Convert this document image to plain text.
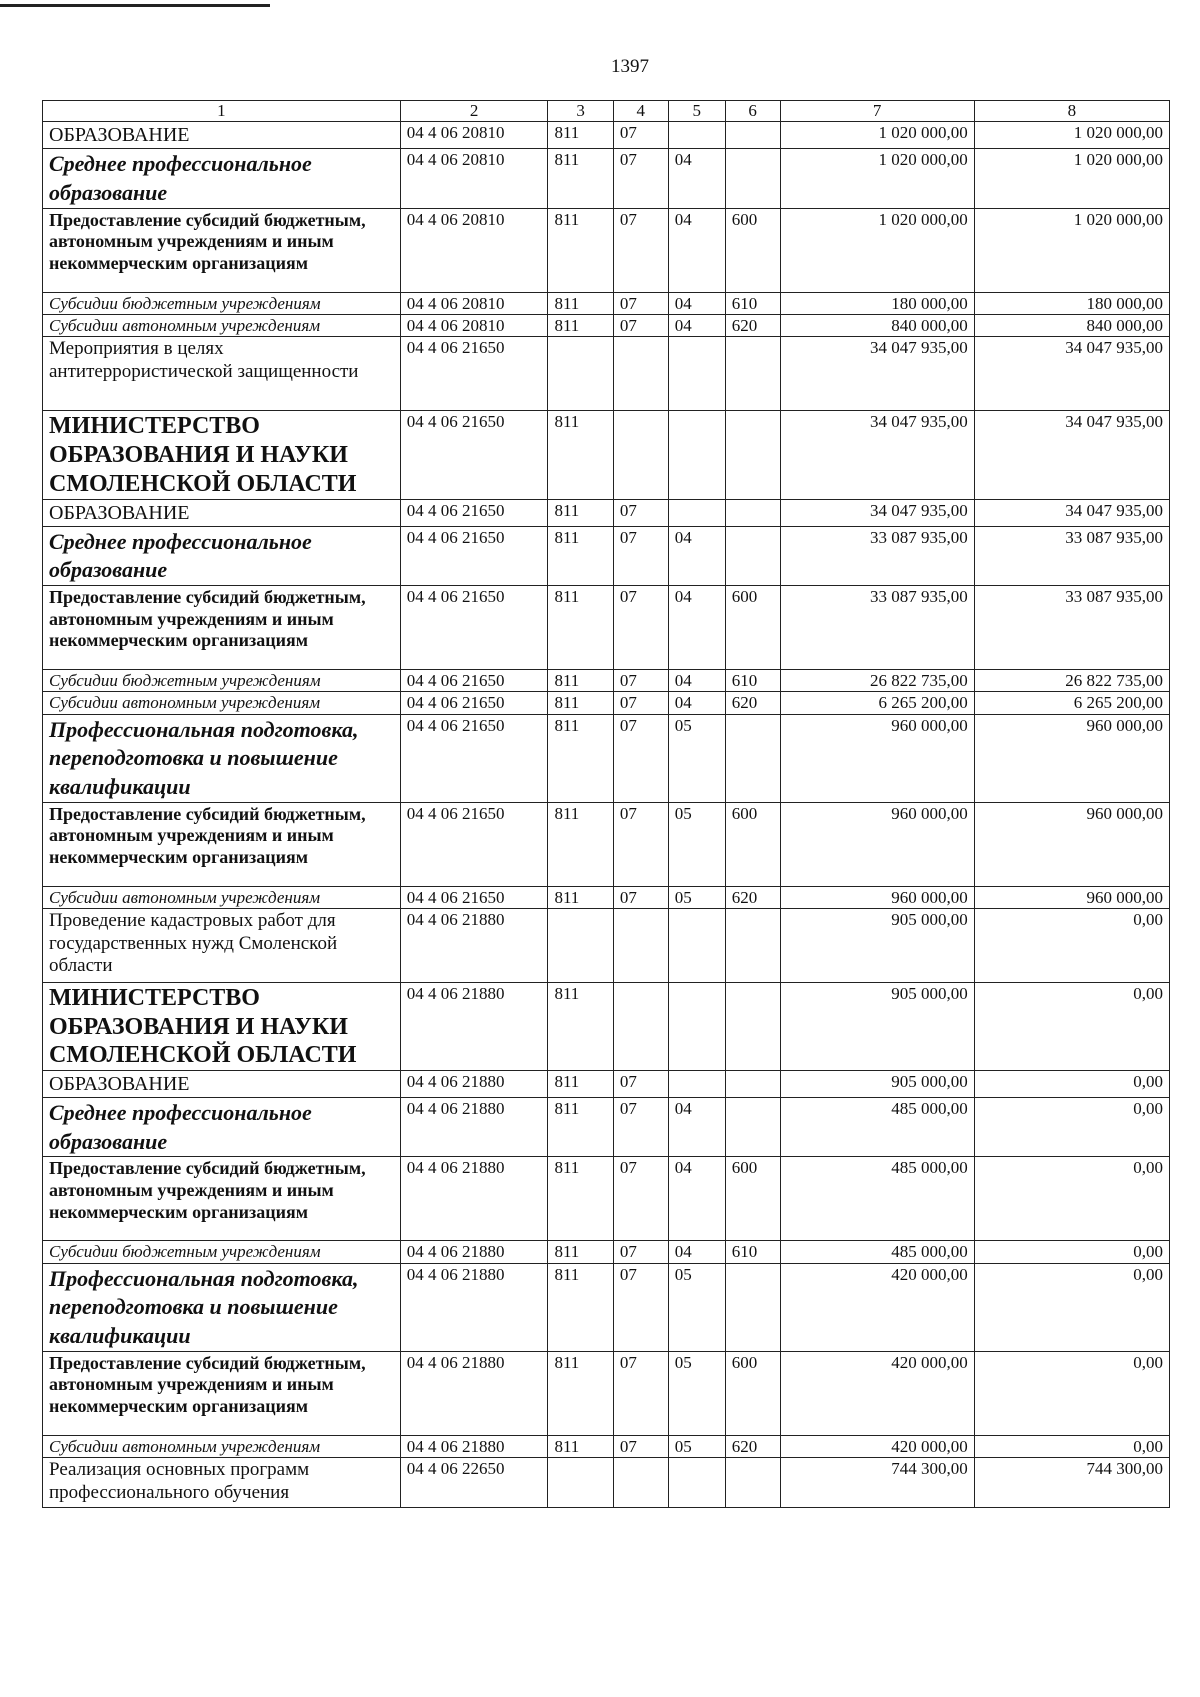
1397
1	2	3	4	5	6	7	8
ОБРАЗОВАНИЕ	04 4 06 20810	811	07			1 020 000,00	1 020 000,00
Среднее профессиональное образование	04 4 06 20810	811	07	04		1 020 000,00	1 020 000,00
Предоставление субсидий бюджетным, автономным учреждениям и иным некоммерческим организациям	04 4 06 20810	811	07	04	600	1 020 000,00	1 020 000,00
Субсидии бюджетным учреждениям	04 4 06 20810	811	07	04	610	180 000,00	180 000,00
Субсидии автономным учреждениям	04 4 06 20810	811	07	04	620	840 000,00	840 000,00
Мероприятия в целях антитеррористической защищенности	04 4 06 21650					34 047 935,00	34 047 935,00
МИНИСТЕРСТВО ОБРАЗОВАНИЯ И НАУКИ СМОЛЕНСКОЙ ОБЛАСТИ	04 4 06 21650	811				34 047 935,00	34 047 935,00
ОБРАЗОВАНИЕ	04 4 06 21650	811	07			34 047 935,00	34 047 935,00
Среднее профессиональное образование	04 4 06 21650	811	07	04		33 087 935,00	33 087 935,00
Предоставление субсидий бюджетным, автономным учреждениям и иным некоммерческим организациям	04 4 06 21650	811	07	04	600	33 087 935,00	33 087 935,00
Субсидии бюджетным учреждениям	04 4 06 21650	811	07	04	610	26 822 735,00	26 822 735,00
Субсидии автономным учреждениям	04 4 06 21650	811	07	04	620	6 265 200,00	6 265 200,00
Профессиональная подготовка, переподготовка и повышение квалификации	04 4 06 21650	811	07	05		960 000,00	960 000,00
Предоставление субсидий бюджетным, автономным учреждениям и иным некоммерческим организациям	04 4 06 21650	811	07	05	600	960 000,00	960 000,00
Субсидии автономным учреждениям	04 4 06 21650	811	07	05	620	960 000,00	960 000,00
Проведение кадастровых работ для государственных нужд Смоленской области	04 4 06 21880					905 000,00	0,00
МИНИСТЕРСТВО ОБРАЗОВАНИЯ И НАУКИ СМОЛЕНСКОЙ ОБЛАСТИ	04 4 06 21880	811				905 000,00	0,00
ОБРАЗОВАНИЕ	04 4 06 21880	811	07			905 000,00	0,00
Среднее профессиональное образование	04 4 06 21880	811	07	04		485 000,00	0,00
Предоставление субсидий бюджетным, автономным учреждениям и иным некоммерческим организациям	04 4 06 21880	811	07	04	600	485 000,00	0,00
Субсидии бюджетным учреждениям	04 4 06 21880	811	07	04	610	485 000,00	0,00
Профессиональная подготовка, переподготовка и повышение квалификации	04 4 06 21880	811	07	05		420 000,00	0,00
Предоставление субсидий бюджетным, автономным учреждениям и иным некоммерческим организациям	04 4 06 21880	811	07	05	600	420 000,00	0,00
Субсидии автономным учреждениям	04 4 06 21880	811	07	05	620	420 000,00	0,00
Реализация основных программ профессионального обучения	04 4 06 22650					744 300,00	744 300,00
